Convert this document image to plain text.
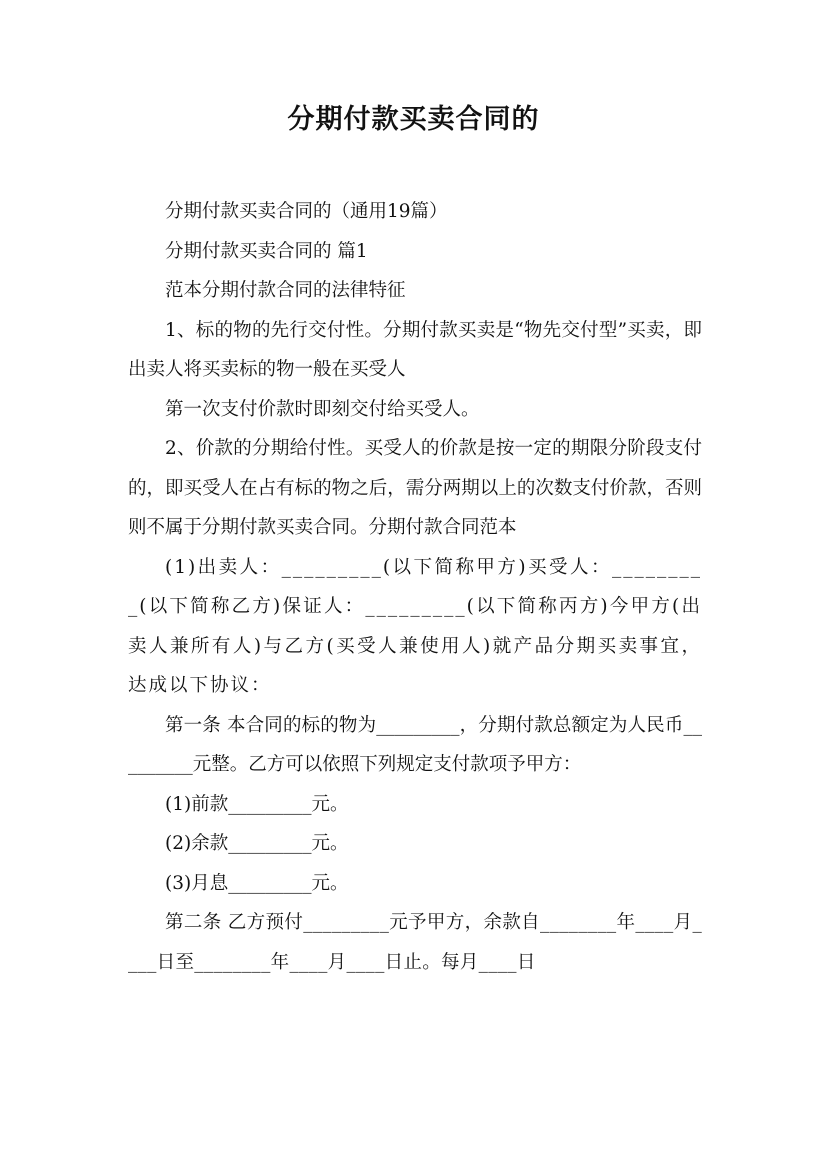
分期付款买卖合同的

分期付款买卖合同的（通用19篇）

分期付款买卖合同的 篇1

范本分期付款合同的法律特征

1、标的物的先行交付性。分期付款买卖是“物先交付型”买卖，即出卖人将买卖标的物一般在买受人

第一次支付价款时即刻交付给买受人。

2、价款的分期给付性。买受人的价款是按一定的期限分阶段支付的，即买受人在占有标的物之后，需分两期以上的次数支付价款，否则则不属于分期付款买卖合同。分期付款合同范本

(1)出卖人：_________(以下简称甲方)买受人：_________(以下简称乙方)保证人：_________(以下简称丙方)今甲方(出卖人兼所有人)与乙方(买受人兼使用人)就产品分期买卖事宜，达成以下协议：

第一条 本合同的标的物为_________，分期付款总额定为人民币_________元整。乙方可以依照下列规定支付款项予甲方：

(1)前款_________元。

(2)余款_________元。

(3)月息_________元。

第二条 乙方预付_________元予甲方，余款自________年____月____日至________年____月____日止。每月____日
